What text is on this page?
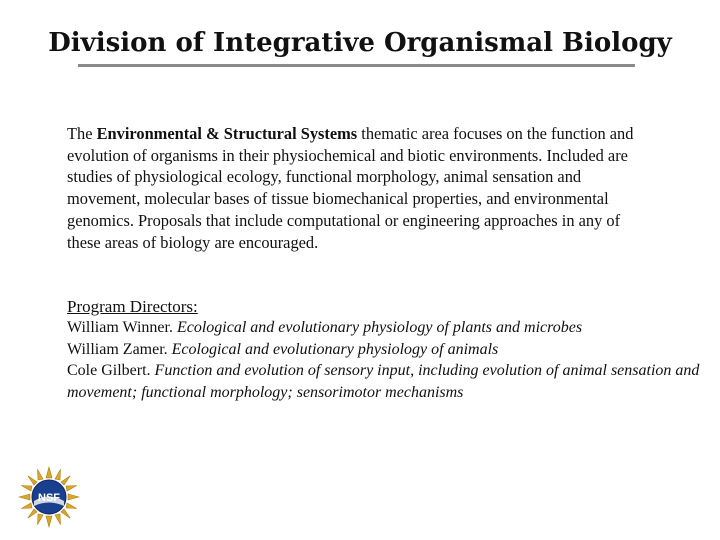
Division of Integrative Organismal Biology
The Environmental & Structural Systems thematic area focuses on the function and evolution of organisms in their physiochemical and biotic environments. Included are studies of physiological ecology, functional morphology, animal sensation and movement, molecular bases of tissue biomechanical properties, and environmental genomics. Proposals that include computational or engineering approaches in any of these areas of biology are encouraged.
Program Directors:
William Winner. Ecological and evolutionary physiology of plants and microbes
William Zamer. Ecological and evolutionary physiology of animals
Cole Gilbert. Function and evolution of sensory input, including evolution of animal sensation and movement; functional morphology; sensorimotor mechanisms
NSF
